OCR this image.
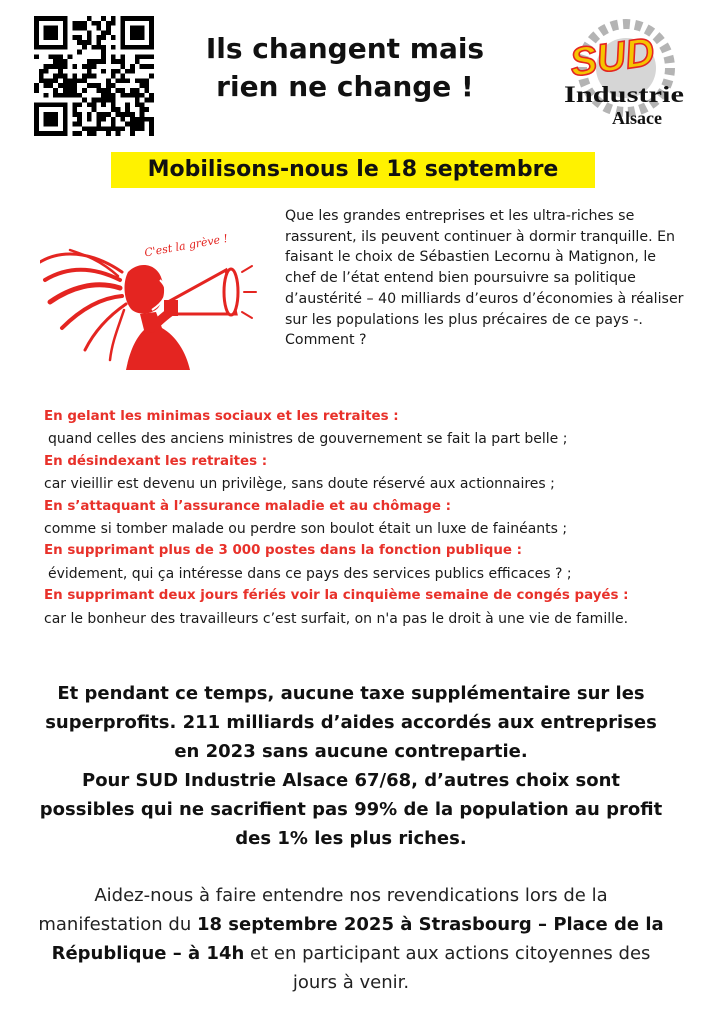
Ils changent mais
rien ne change !
SUD
Industrie
Alsace
Mobilisons-nous le 18 septembre
C'est la grève !
Que les grandes entreprises et les ultra-riches se rassurent, ils peuvent continuer à dormir tranquille. En faisant le choix de Sébastien Lecornu à Matignon, le chef de l’état entend bien poursuivre sa politique d’austérité – 40 milliards d’euros d’économies à réaliser sur les populations les plus précaires de ce pays -. Comment ?
En gelant les minimas sociaux et les retraites :
quand celles des anciens ministres de gouvernement se fait la part belle ;
En désindexant les retraites :
car vieillir est devenu un privilège, sans doute réservé aux actionnaires ;
En s’attaquant à l’assurance maladie et au chômage :
comme si tomber malade ou perdre son boulot était un luxe de fainéants ;
En supprimant plus de 3 000 postes dans la fonction publique :
évidement, qui ça intéresse dans ce pays des services publics efficaces ? ;
En supprimant deux jours fériés voir la cinquième semaine de congés payés :
car le bonheur des travailleurs c’est surfait, on n'a pas le droit à une vie de famille.
Et pendant ce temps, aucune taxe supplémentaire sur les
superprofits. 211 milliards d’aides accordés aux entreprises
en 2023 sans aucune contrepartie.
Pour SUD Industrie Alsace 67/68, d’autres choix sont
possibles qui ne sacrifient pas 99% de la population au profit
des 1% les plus riches.
Aidez-nous à faire entendre nos revendications lors de la
manifestation du 18 septembre 2025 à Strasbourg – Place de la
République – à 14h et en participant aux actions citoyennes des
jours à venir.
